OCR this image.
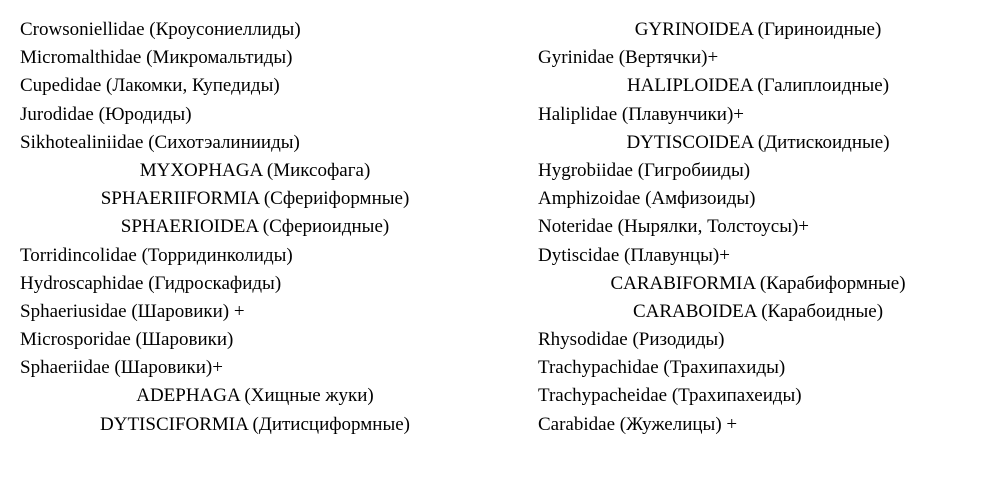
Crowsoniellidae (Кроусониеллиды)
Micromalthidae (Микромальтиды)
Cupedidae (Лакомки, Купедиды)
Jurodidae (Юродиды)
Sikhotealiniidae (Сихотэалинииды)
MYXOPHAGA (Миксофага)
SPHAERIIFORMIA (Сфериiформные)
SPHAERIOIDEA (Сфериоидные)
Torridincolidae (Торридинколиды)
Hydroscaphidae (Гидроскафиды)
Sphaeriusidae (Шаровики) +
Microsporidae (Шаровики)
Sphaeriidae (Шаровики)+
ADEPHAGA (Хищные жуки)
DYTISCIFORMIA (Дитисциформные)
GYRINOIDEA (Гириноидные)
Gyrinidae (Вертячки)+
HALIPLOIDEA (Галиплоидные)
Haliplidae (Плавунчики)+
DYTISCOIDEA (Дитискоидные)
Hygrobiidae (Гигробииды)
Amphizoidae (Амфизоиды)
Noteridae (Нырялки, Толстоусы)+
Dytiscidae (Плавунцы)+
CARABIFORMIA (Карабиформные)
CARABOIDEA (Карабоидные)
Rhysodidae (Ризодиды)
Trachypachidae (Трахипахиды)
Trachypacheidae (Трахипахеиды)
Carabidae (Жужелицы) +
